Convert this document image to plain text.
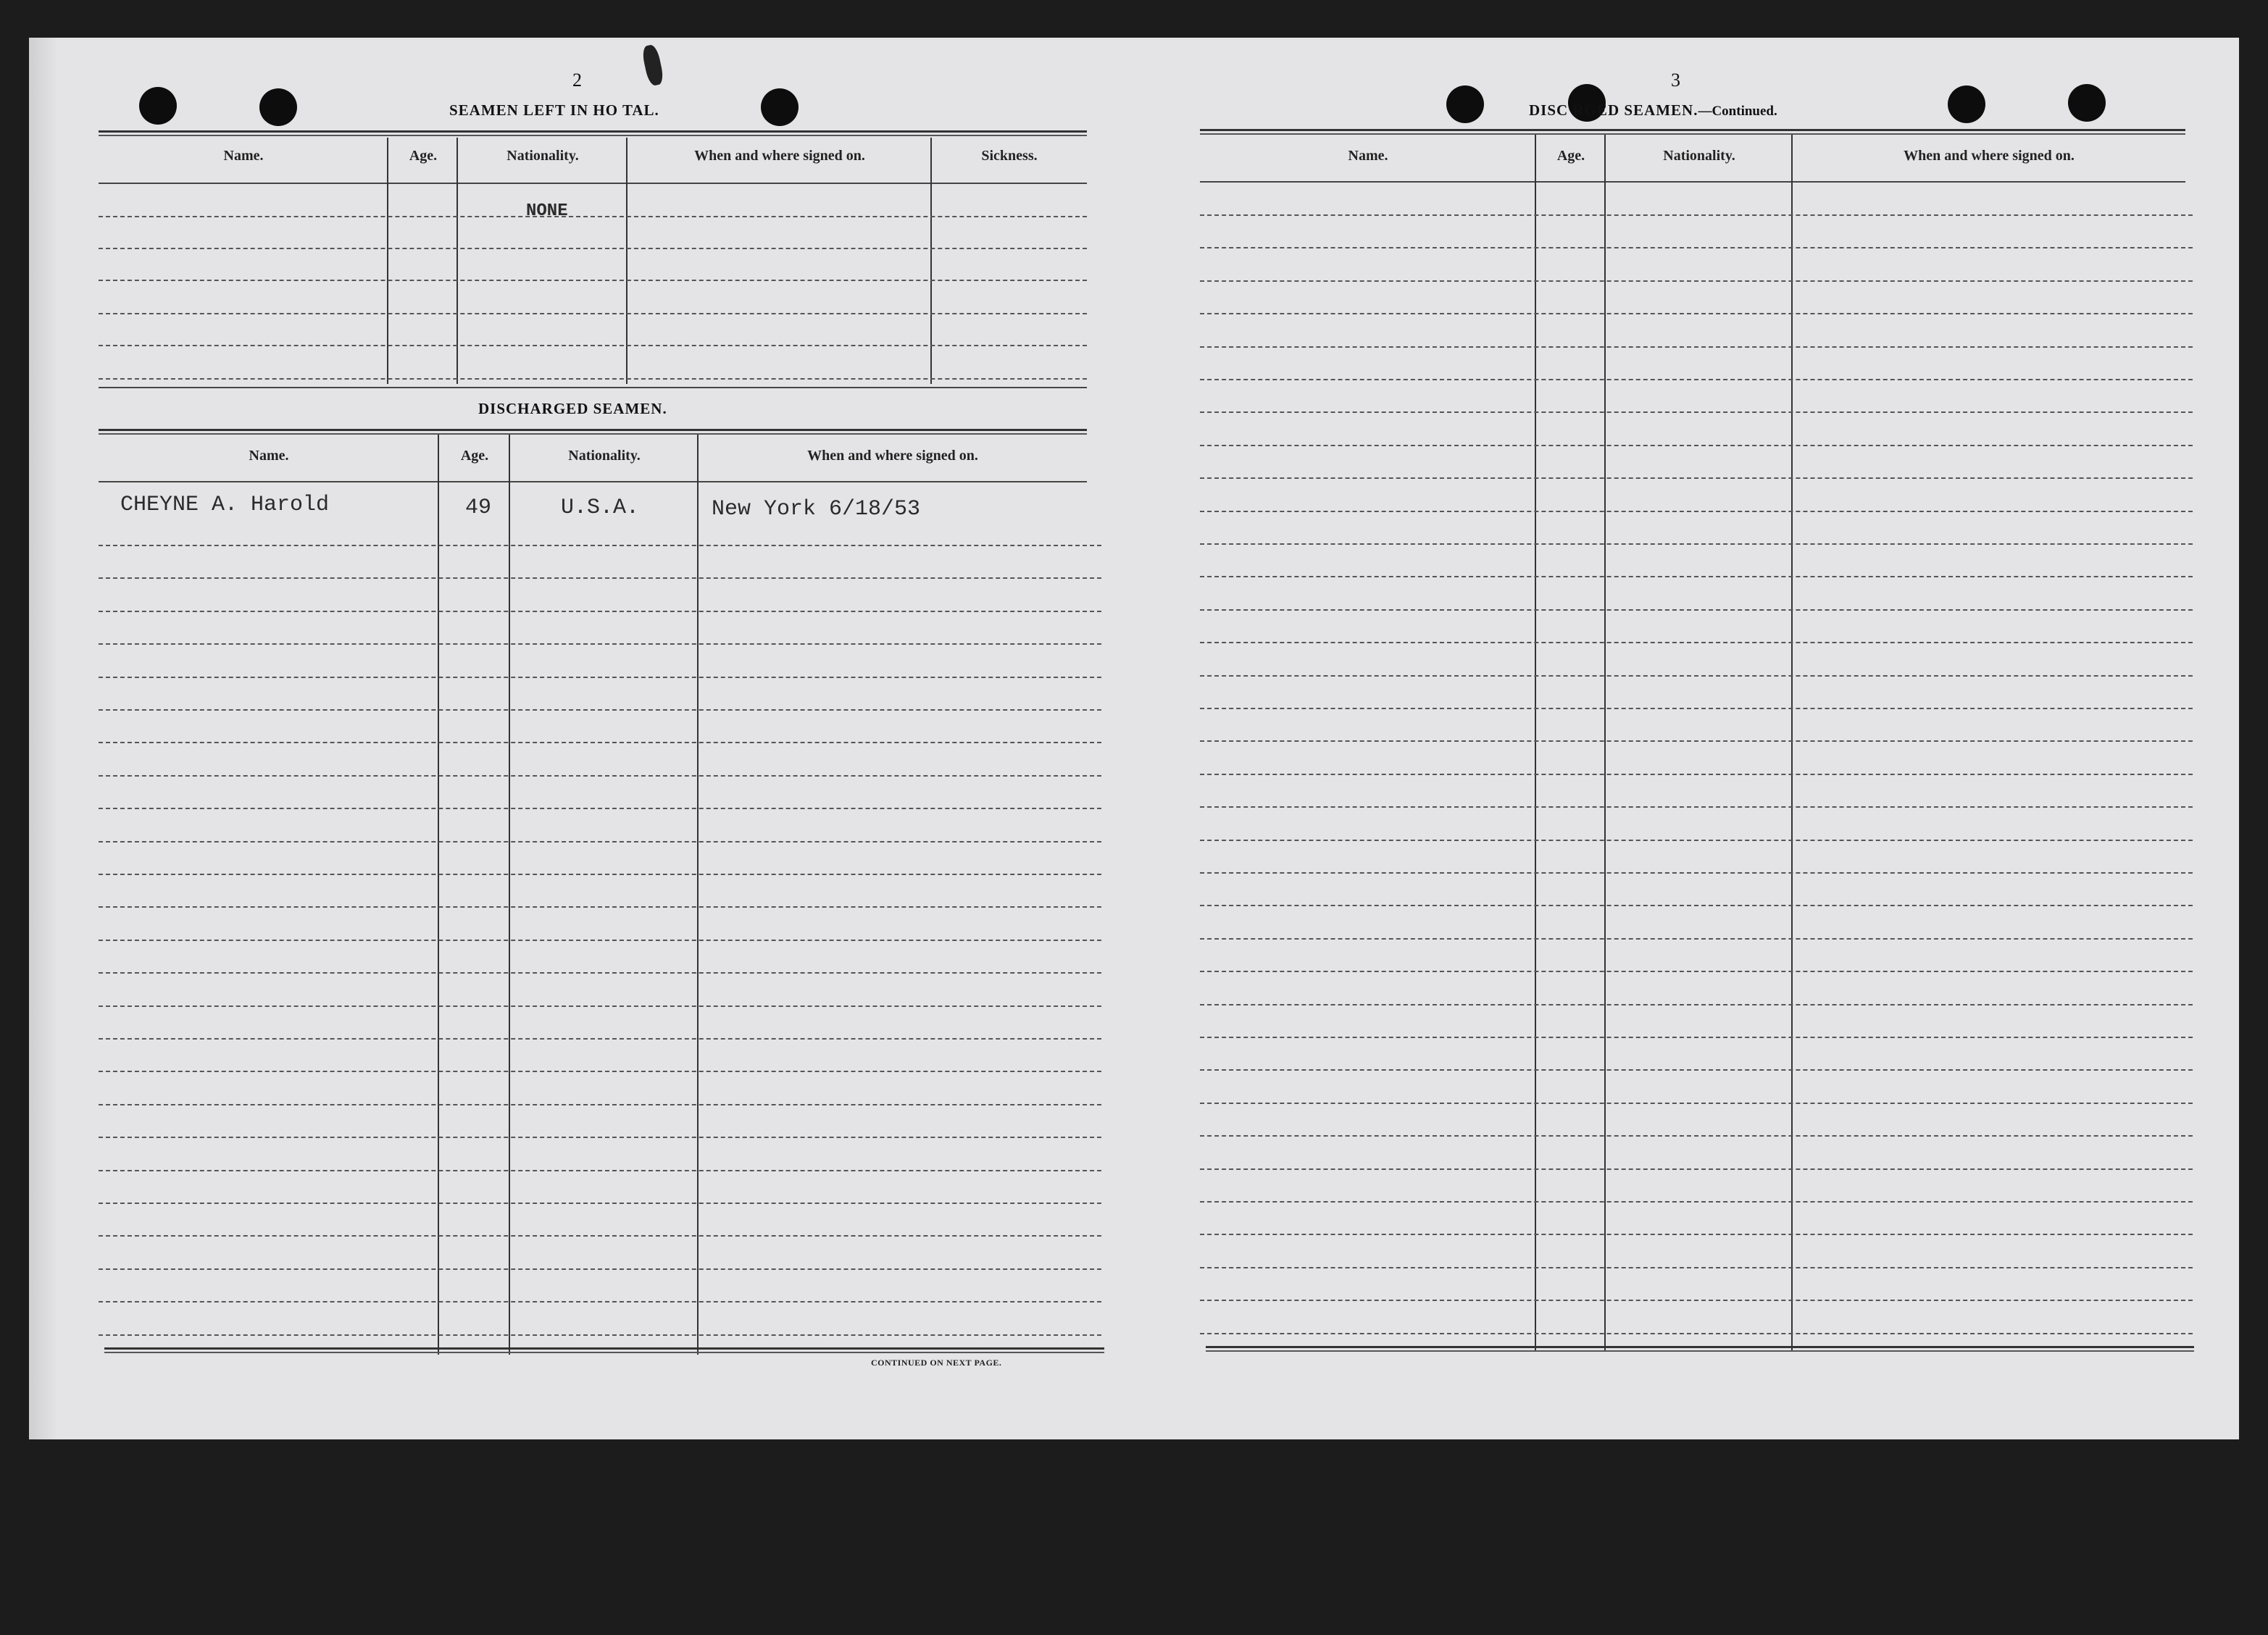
2
SEAMEN LEFT IN HO TAL.
Name.	Age.	Nationality.	When and where signed on.	Sickness.
NONE
DISCHARGED SEAMEN.
Name.	Age.	Nationality.	When and where signed on.
CHEYNE A. Harold	49	U.S.A.	New York 6/18/53
CONTINUED ON NEXT PAGE.
3
DISC RGED SEAMEN.—Continued.
Name.	Age.	Nationality.	When and where signed on.
